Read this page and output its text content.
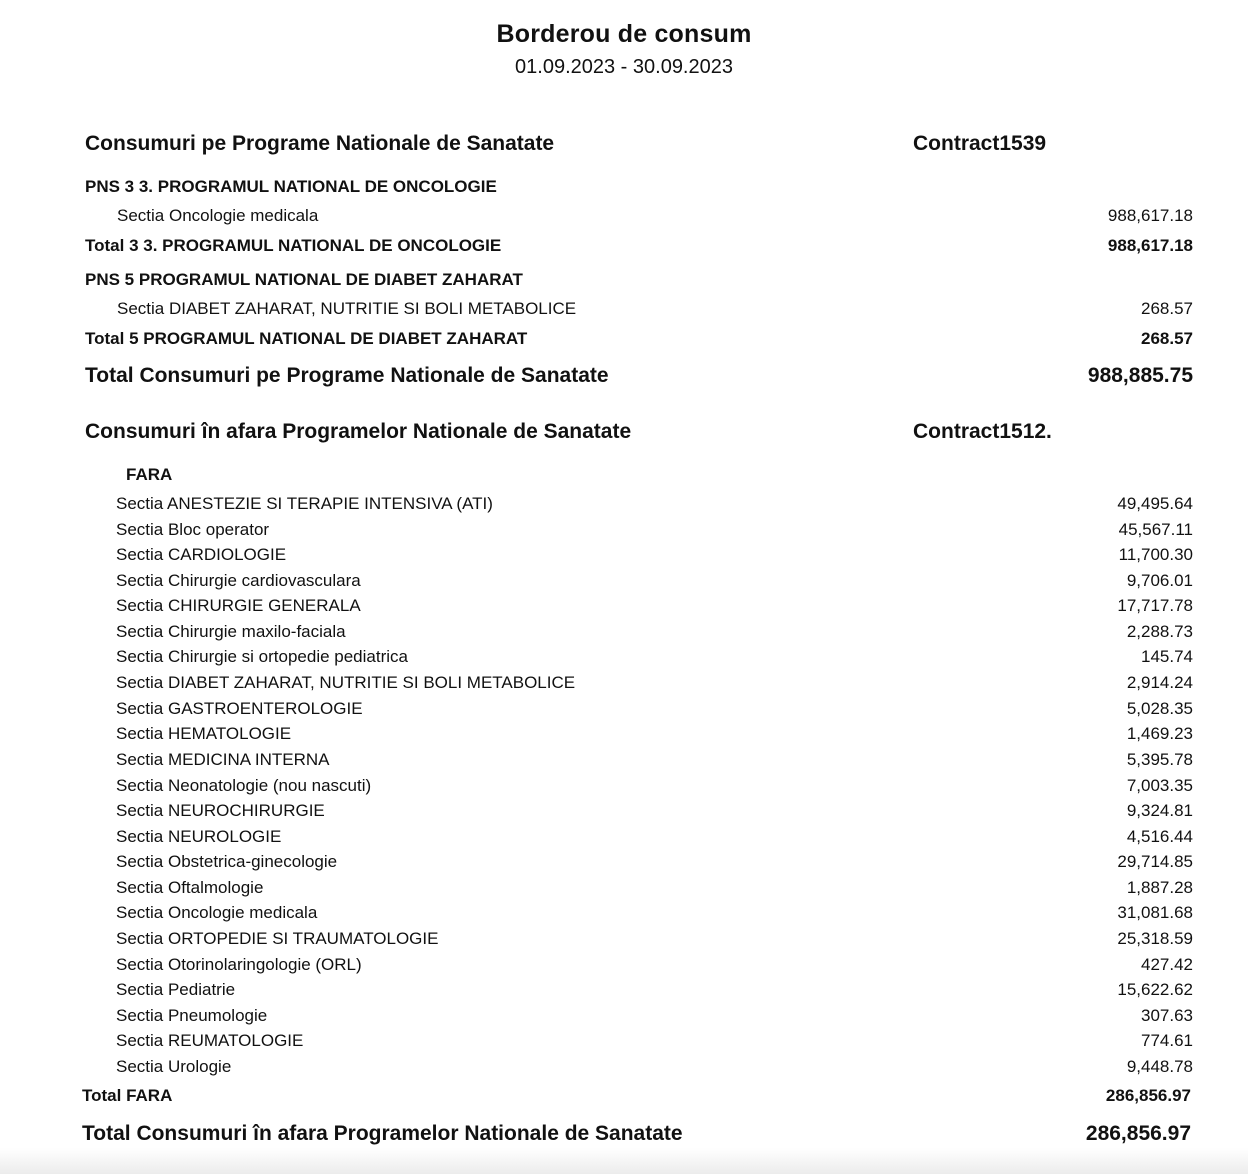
Borderou de consum
01.09.2023 - 30.09.2023
Consumuri pe Programe Nationale de Sanatate	Contract1539
PNS 3 3. PROGRAMUL NATIONAL DE ONCOLOGIE
Sectia Oncologie medicala	988,617.18
Total 3 3. PROGRAMUL NATIONAL DE ONCOLOGIE	988,617.18
PNS 5 PROGRAMUL NATIONAL DE DIABET ZAHARAT
Sectia DIABET ZAHARAT, NUTRITIE SI BOLI METABOLICE	268.57
Total 5 PROGRAMUL NATIONAL DE DIABET ZAHARAT	268.57
Total Consumuri pe Programe Nationale de Sanatate	988,885.75
Consumuri în afara Programelor Nationale de Sanatate	Contract1512.
FARA
Sectia ANESTEZIE SI TERAPIE INTENSIVA (ATI)	49,495.64
Sectia Bloc operator	45,567.11
Sectia CARDIOLOGIE	11,700.30
Sectia Chirurgie cardiovasculara	9,706.01
Sectia CHIRURGIE GENERALA	17,717.78
Sectia Chirurgie maxilo-faciala	2,288.73
Sectia Chirurgie si ortopedie pediatrica	145.74
Sectia DIABET ZAHARAT, NUTRITIE SI BOLI METABOLICE	2,914.24
Sectia GASTROENTEROLOGIE	5,028.35
Sectia HEMATOLOGIE	1,469.23
Sectia MEDICINA INTERNA	5,395.78
Sectia Neonatologie (nou nascuti)	7,003.35
Sectia NEUROCHIRURGIE	9,324.81
Sectia NEUROLOGIE	4,516.44
Sectia Obstetrica-ginecologie	29,714.85
Sectia Oftalmologie	1,887.28
Sectia Oncologie medicala	31,081.68
Sectia ORTOPEDIE SI TRAUMATOLOGIE	25,318.59
Sectia Otorinolaringologie (ORL)	427.42
Sectia Pediatrie	15,622.62
Sectia Pneumologie	307.63
Sectia REUMATOLOGIE	774.61
Sectia Urologie	9,448.78
Total FARA	286,856.97
Total Consumuri în afara Programelor Nationale de Sanatate	286,856.97
